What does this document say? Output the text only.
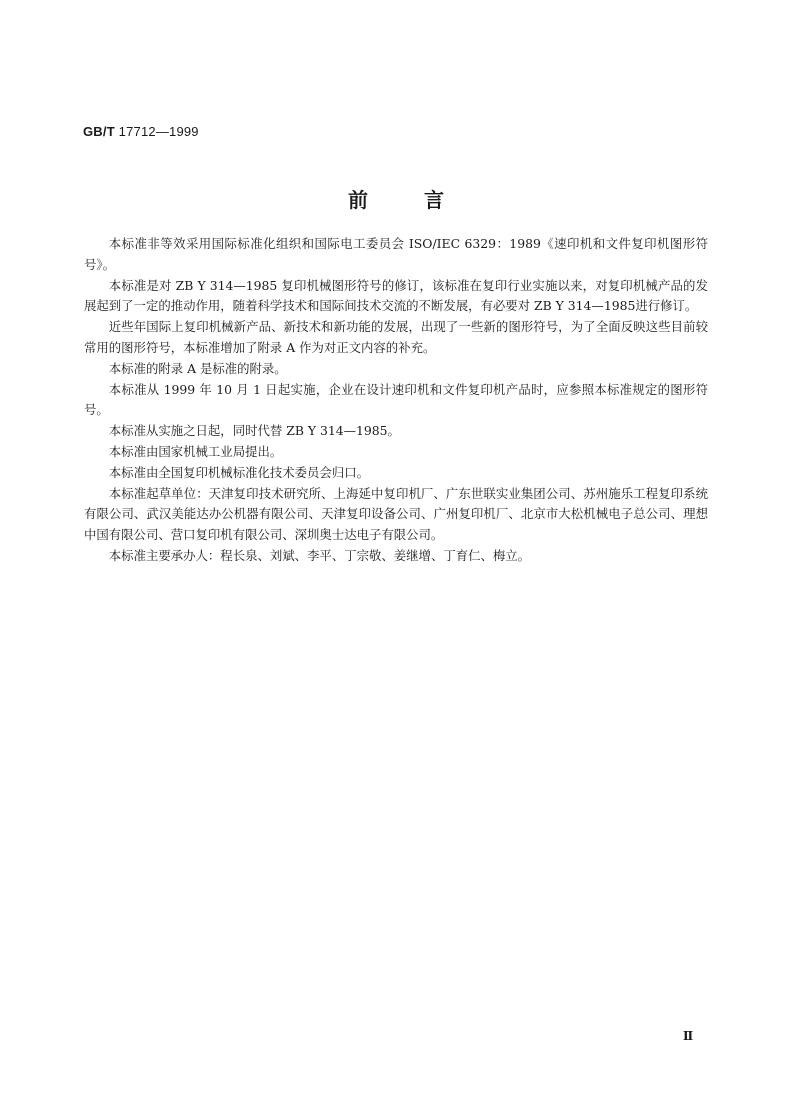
GB/T 17712—1999
前言

本标准非等效采用国际标准化组织和国际电工委员会 ISO/IEC 6329：1989《速印机和文件复印机图形符号》。

本标准是对 ZB Y 314—1985 复印机械图形符号的修订，该标准在复印行业实施以来，对复印机械产品的发展起到了一定的推动作用，随着科学技术和国际间技术交流的不断发展，有必要对 ZB Y 314—1985进行修订。

近些年国际上复印机械新产品、新技术和新功能的发展，出现了一些新的图形符号，为了全面反映这些目前较常用的图形符号，本标准增加了附录 A 作为对正文内容的补充。

本标准的附录 A 是标准的附录。

本标准从 1999 年 10 月 1 日起实施，企业在设计速印机和文件复印机产品时，应参照本标准规定的图形符号。

本标准从实施之日起，同时代替 ZB Y 314—1985。

本标准由国家机械工业局提出。

本标准由全国复印机械标准化技术委员会归口。

本标准起草单位：天津复印技术研究所、上海延中复印机厂、广东世联实业集团公司、苏州施乐工程复印系统有限公司、武汉美能达办公机器有限公司、天津复印设备公司、广州复印机厂、北京市大松机械电子总公司、理想中国有限公司、营口复印机有限公司、深圳奥士达电子有限公司。

本标准主要承办人：程长泉、刘斌、李平、丁宗敬、姜继增、丁育仁、梅立。

Ⅱ
